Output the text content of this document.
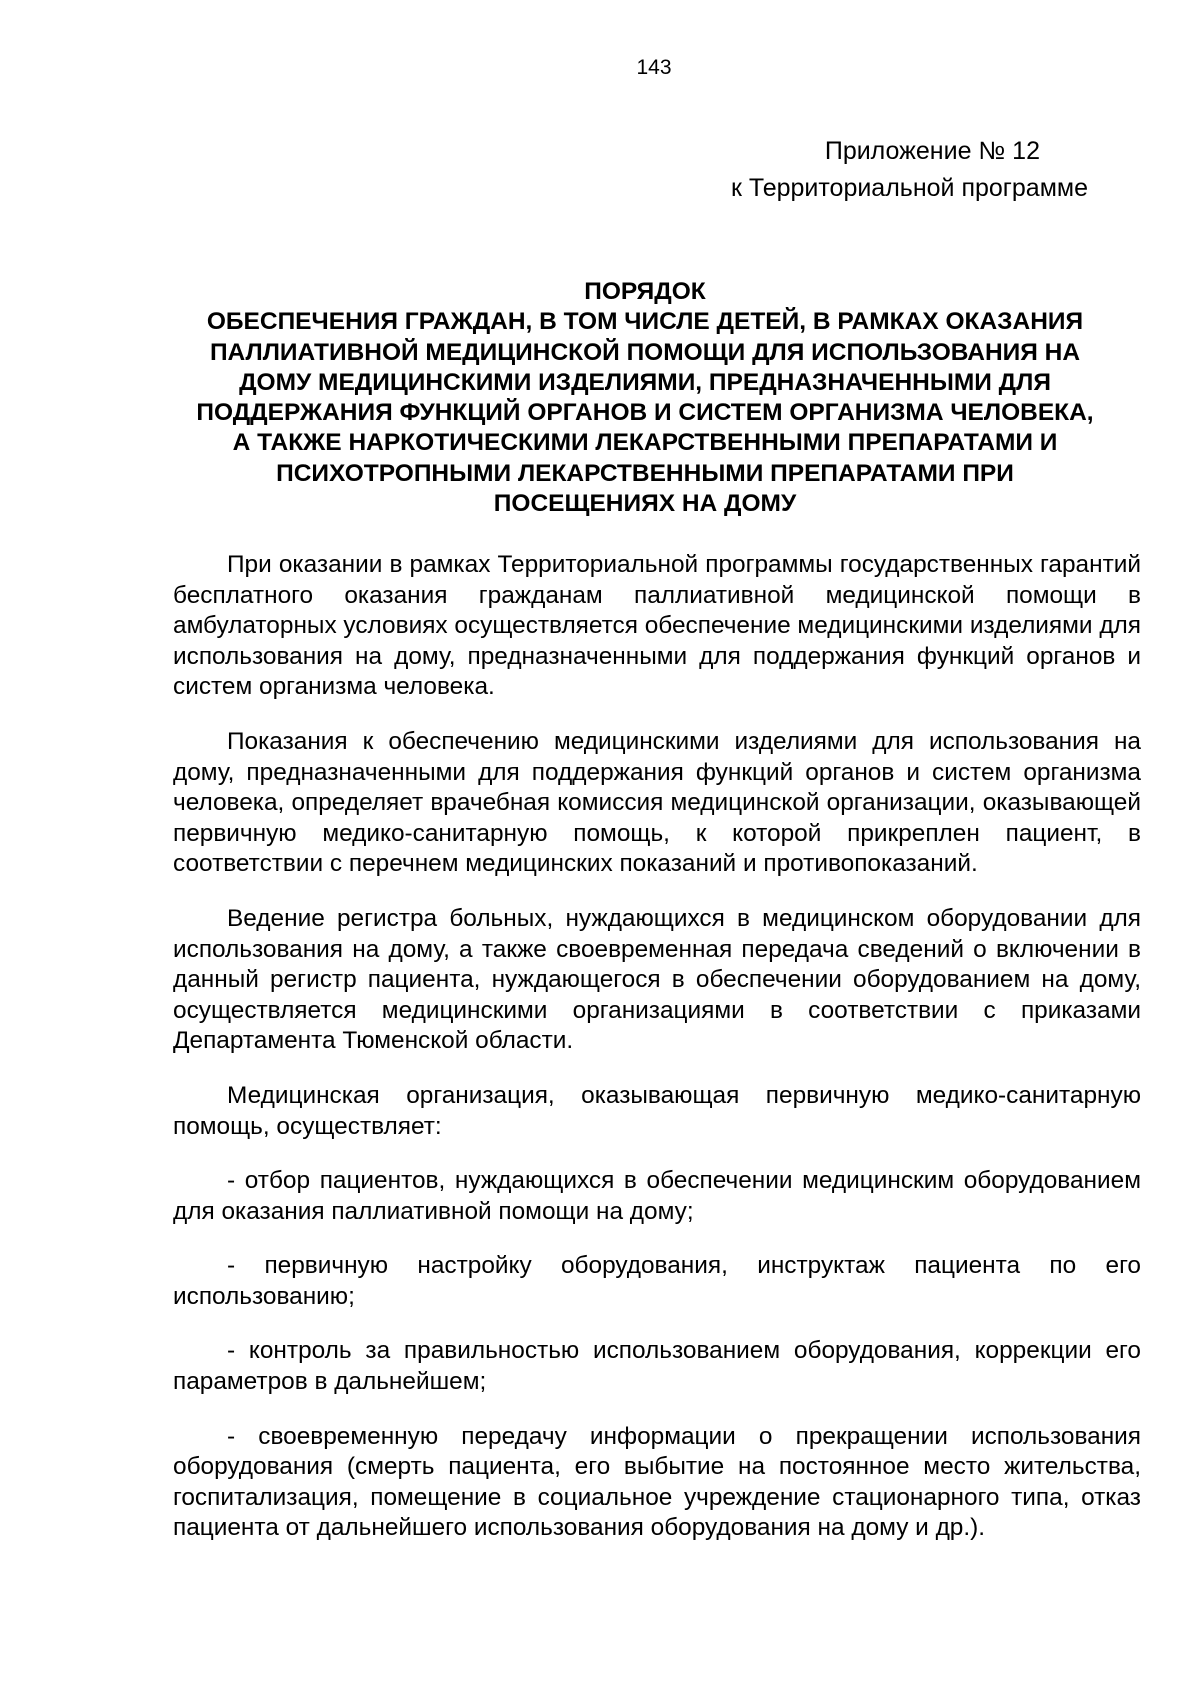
143
Приложение № 12
к Территориальной программе
ПОРЯДОК
ОБЕСПЕЧЕНИЯ ГРАЖДАН, В ТОМ ЧИСЛЕ ДЕТЕЙ, В РАМКАХ ОКАЗАНИЯ
ПАЛЛИАТИВНОЙ МЕДИЦИНСКОЙ ПОМОЩИ ДЛЯ ИСПОЛЬЗОВАНИЯ НА
ДОМУ МЕДИЦИНСКИМИ ИЗДЕЛИЯМИ, ПРЕДНАЗНАЧЕННЫМИ ДЛЯ
ПОДДЕРЖАНИЯ ФУНКЦИЙ ОРГАНОВ И СИСТЕМ ОРГАНИЗМА ЧЕЛОВЕКА,
А ТАКЖЕ НАРКОТИЧЕСКИМИ ЛЕКАРСТВЕННЫМИ ПРЕПАРАТАМИ И
ПСИХОТРОПНЫМИ ЛЕКАРСТВЕННЫМИ ПРЕПАРАТАМИ ПРИ
ПОСЕЩЕНИЯХ НА ДОМУ

При оказании в рамках Территориальной программы государственных гарантий бесплатного оказания гражданам паллиативной медицинской помощи в амбулаторных условиях осуществляется обеспечение медицинскими изделиями для использования на дому, предназначенными для поддержания функций органов и систем организма человека.

Показания к обеспечению медицинскими изделиями для использования на дому, предназначенными для поддержания функций органов и систем организма человека, определяет врачебная комиссия медицинской организации, оказывающей первичную медико-санитарную помощь, к которой прикреплен пациент, в соответствии с перечнем медицинских показаний и противопоказаний.

Ведение регистра больных, нуждающихся в медицинском оборудовании для использования на дому, а также своевременная передача сведений о включении в данный регистр пациента, нуждающегося в обеспечении оборудованием на дому, осуществляется медицинскими организациями в соответствии с приказами Департамента Тюменской области.

Медицинская организация, оказывающая первичную медико-санитарную помощь, осуществляет:

- отбор пациентов, нуждающихся в обеспечении медицинским оборудованием для оказания паллиативной помощи на дому;

- первичную настройку оборудования, инструктаж пациента по его использованию;

- контроль за правильностью использованием оборудования, коррекции его параметров в дальнейшем;

- своевременную передачу информации о прекращении использования оборудования (смерть пациента, его выбытие на постоянное место жительства, госпитализация, помещение в социальное учреждение стационарного типа, отказ пациента от дальнейшего использования оборудования на дому и др.).
